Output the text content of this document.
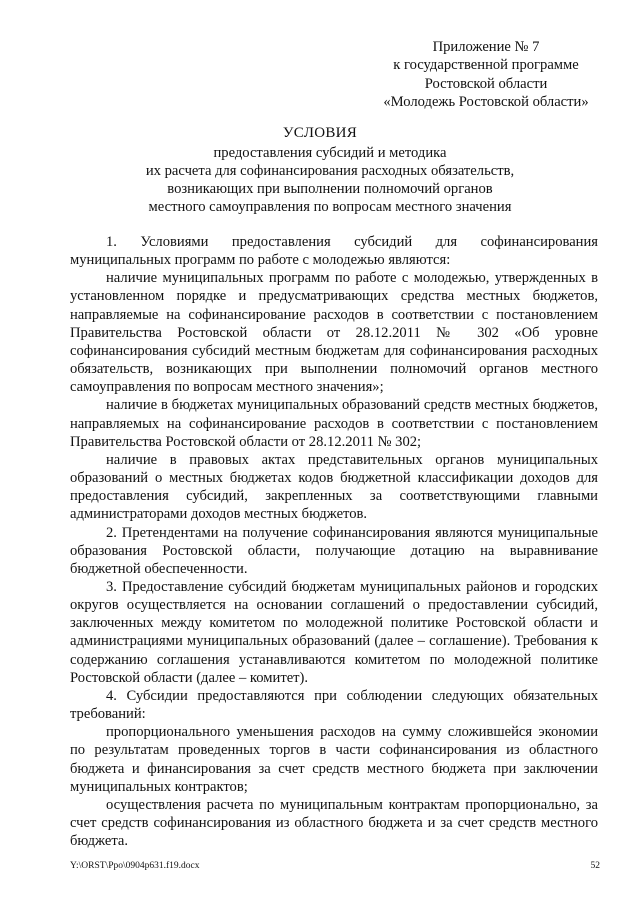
Приложение № 7
к государственной программе
Ростовской области
«Молодежь Ростовской области»
УСЛОВИЯ
предоставления субсидий и методика
их расчета для софинансирования расходных обязательств,
возникающих при выполнении полномочий органов
местного самоуправления по вопросам местного значения

1. Условиями предоставления субсидий для софинансирования муниципальных программ по работе с молодежью являются:

наличие муниципальных программ по работе с молодежью, утвержденных в установленном порядке и предусматривающих средства местных бюджетов, направляемые на софинансирование расходов в соответствии с постановлением Правительства Ростовской области от 28.12.2011 № 302 «Об уровне софинансирования субсидий местным бюджетам для софинансирования расходных обязательств, возникающих при выполнении полномочий органов местного самоуправления по вопросам местного значения»;

наличие в бюджетах муниципальных образований средств местных бюджетов, направляемых на софинансирование расходов в соответствии с постановлением Правительства Ростовской области от 28.12.2011 № 302;

наличие в правовых актах представительных органов муниципальных образований о местных бюджетах кодов бюджетной классификации доходов для предоставления субсидий, закрепленных за соответствующими главными администраторами доходов местных бюджетов.

2. Претендентами на получение софинансирования являются муниципальные образования Ростовской области, получающие дотацию на выравнивание бюджетной обеспеченности.

3. Предоставление субсидий бюджетам муниципальных районов и городских округов осуществляется на основании соглашений о предоставлении субсидий, заключенных между комитетом по молодежной политике Ростовской области и администрациями муниципальных образований (далее – соглашение). Требования к содержанию соглашения устанавливаются комитетом по молодежной политике Ростовской области (далее – комитет).

4. Субсидии предоставляются при соблюдении следующих обязательных требований:

пропорционального уменьшения расходов на сумму сложившейся экономии по результатам проведенных торгов в части софинансирования из областного бюджета и финансирования за счет средств местного бюджета при заключении муниципальных контрактов;

осуществления расчета по муниципальным контрактам пропорционально, за счет средств софинансирования из областного бюджета и за счет средств местного бюджета.

Y:\ORST\Ppo\0904p631.f19.docx	52
